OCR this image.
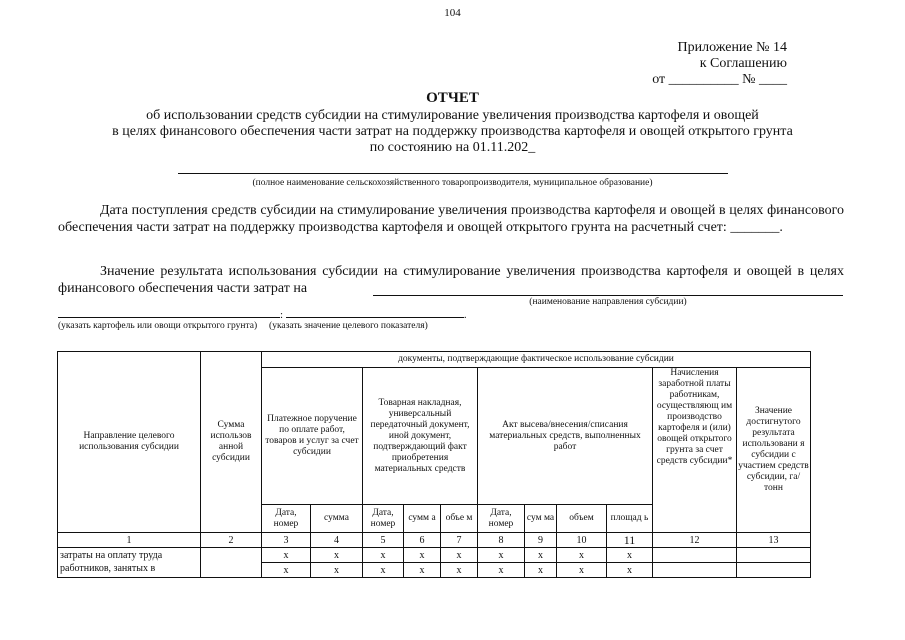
104
Приложение № 14
к Соглашению
от __________ № ____
ОТЧЕТ
об использовании средств субсидии на стимулирование увеличения производства картофеля и овощей
в целях финансового обеспечения части затрат на поддержку производства картофеля и овощей открытого грунта
по состоянию на 01.11.202_
(полное наименование сельскохозяйственного товаропроизводителя, муниципальное образование)
Дата поступления средств субсидии на стимулирование увеличения производства картофеля и овощей в целях финансового обеспечения части затрат на поддержку производства картофеля и овощей открытого грунта на расчетный счет: _______.
Значение результата использования субсидии на стимулирование увеличения производства картофеля и овощей в целях финансового обеспечения части затрат на
(наименование направления субсидии)
:	.
(указать картофель или овощи открытого грунта)     (указать значение целевого показателя)
Направление целевого использования субсидии	Сумма использов анной субсидии	документы, подтверждающие фактическое использование субсидии										
		Платежное поручение по оплате работ, товаров и услуг за счет субсидии		Товарная накладная, универсальный передаточный документ, иной документ, подтверждающий факт приобретения материальных средств			Акт высева/внесения/списания материальных средств, выполненных работ				Начисления заработной платы работникам, осуществляющ им производство картофеля и (или) овощей открытого грунта за счет средств субсидии*	Значение достигнутого результата использовани я субсидии с участием средств субсидии, га/тонн
		Дата, номер	сумма	Дата, номер	сумм а	объе м	Дата, номер	сум ма	объем	площад ь		
1	2	3	4	5	6	7	8	9	10	11	12	13
затраты на оплату труда работников, занятых в		x	x	x	x	x	x	x	x	x		
		x	x	x	x	x	x	x	x	x		
